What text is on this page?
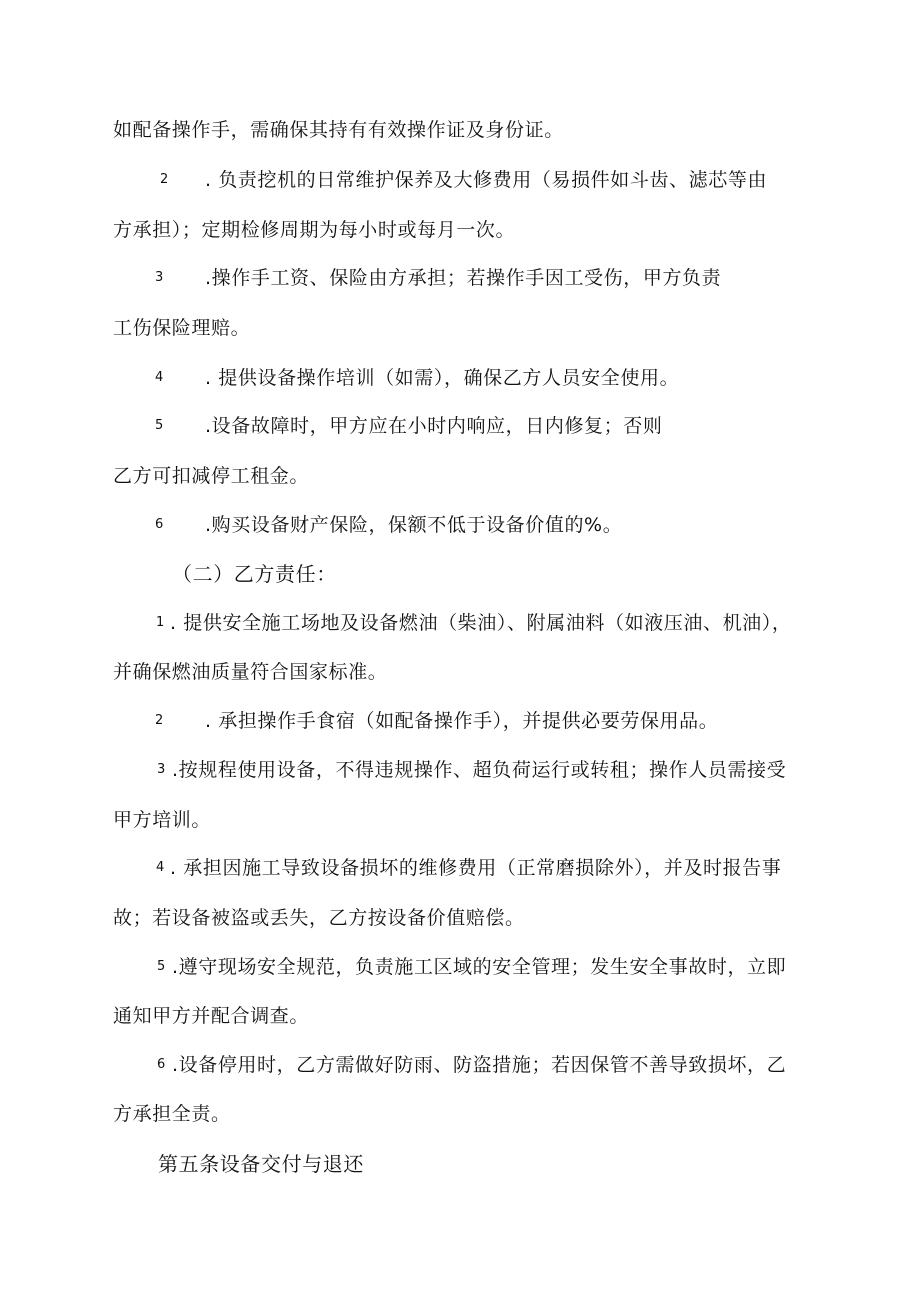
如配备操作手，需确保其持有有效操作证及身份证。
2 . 负责挖机的日常维护保养及大修费用（易损件如斗齿、滤芯等由
方承担）；定期检修周期为每小时或每月一次。
3 .操作手工资、保险由方承担；若操作手因工受伤，甲方负责
工伤保险理赔。
4 . 提供设备操作培训（如需），确保乙方人员安全使用。
5 .设备故障时，甲方应在小时内响应，日内修复；否则
乙方可扣减停工租金。
6 .购买设备财产保险，保额不低于设备价值的%。
（二）乙方责任：
1 . 提供安全施工场地及设备燃油（柴油）、附属油料（如液压油、机油），
并确保燃油质量符合国家标准。
2 . 承担操作手食宿（如配备操作手），并提供必要劳保用品。
3 .按规程使用设备，不得违规操作、超负荷运行或转租；操作人员需接受
甲方培训。
4 . 承担因施工导致设备损坏的维修费用（正常磨损除外），并及时报告事
故；若设备被盗或丢失，乙方按设备价值赔偿。
5 .遵守现场安全规范，负责施工区域的安全管理；发生安全事故时，立即
通知甲方并配合调查。
6 .设备停用时，乙方需做好防雨、防盗措施；若因保管不善导致损坏，乙
方承担全责。
第五条设备交付与退还
